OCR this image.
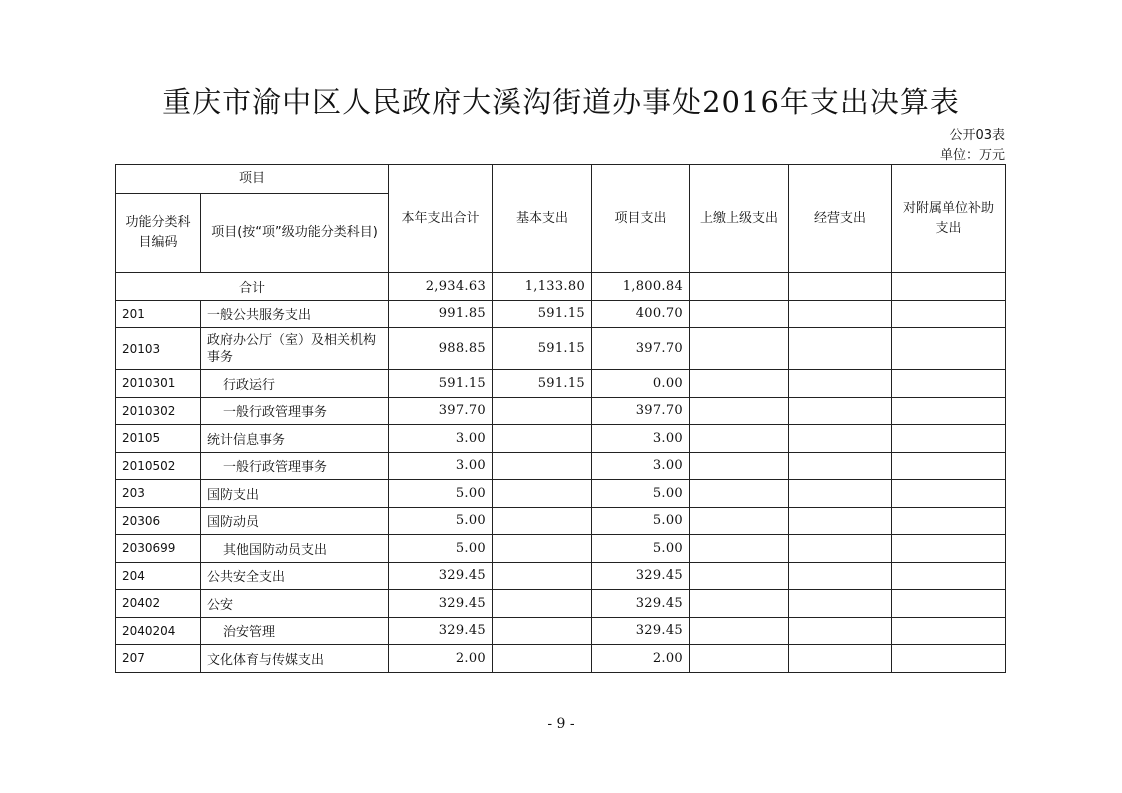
重庆市渝中区人民政府大溪沟街道办事处2016年支出决算表
公开03表
单位：万元
项目		本年支出合计	基本支出	项目支出	上缴上级支出	经营支出	对附属单位补助支出
功能分类科目编码	项目(按“项”级功能分类科目)						
合计		2,934.63	1,133.80	1,800.84			
201	一般公共服务支出	991.85	591.15	400.70			
20103	政府办公厅（室）及相关机构事务	988.85	591.15	397.70			
2010301	行政运行	591.15	591.15	0.00			
2010302	一般行政管理事务	397.70		397.70			
20105	统计信息事务	3.00		3.00			
2010502	一般行政管理事务	3.00		3.00			
203	国防支出	5.00		5.00			
20306	国防动员	5.00		5.00			
2030699	其他国防动员支出	5.00		5.00			
204	公共安全支出	329.45		329.45			
20402	公安	329.45		329.45			
2040204	治安管理	329.45		329.45			
207	文化体育与传媒支出	2.00		2.00			
- 9 -
